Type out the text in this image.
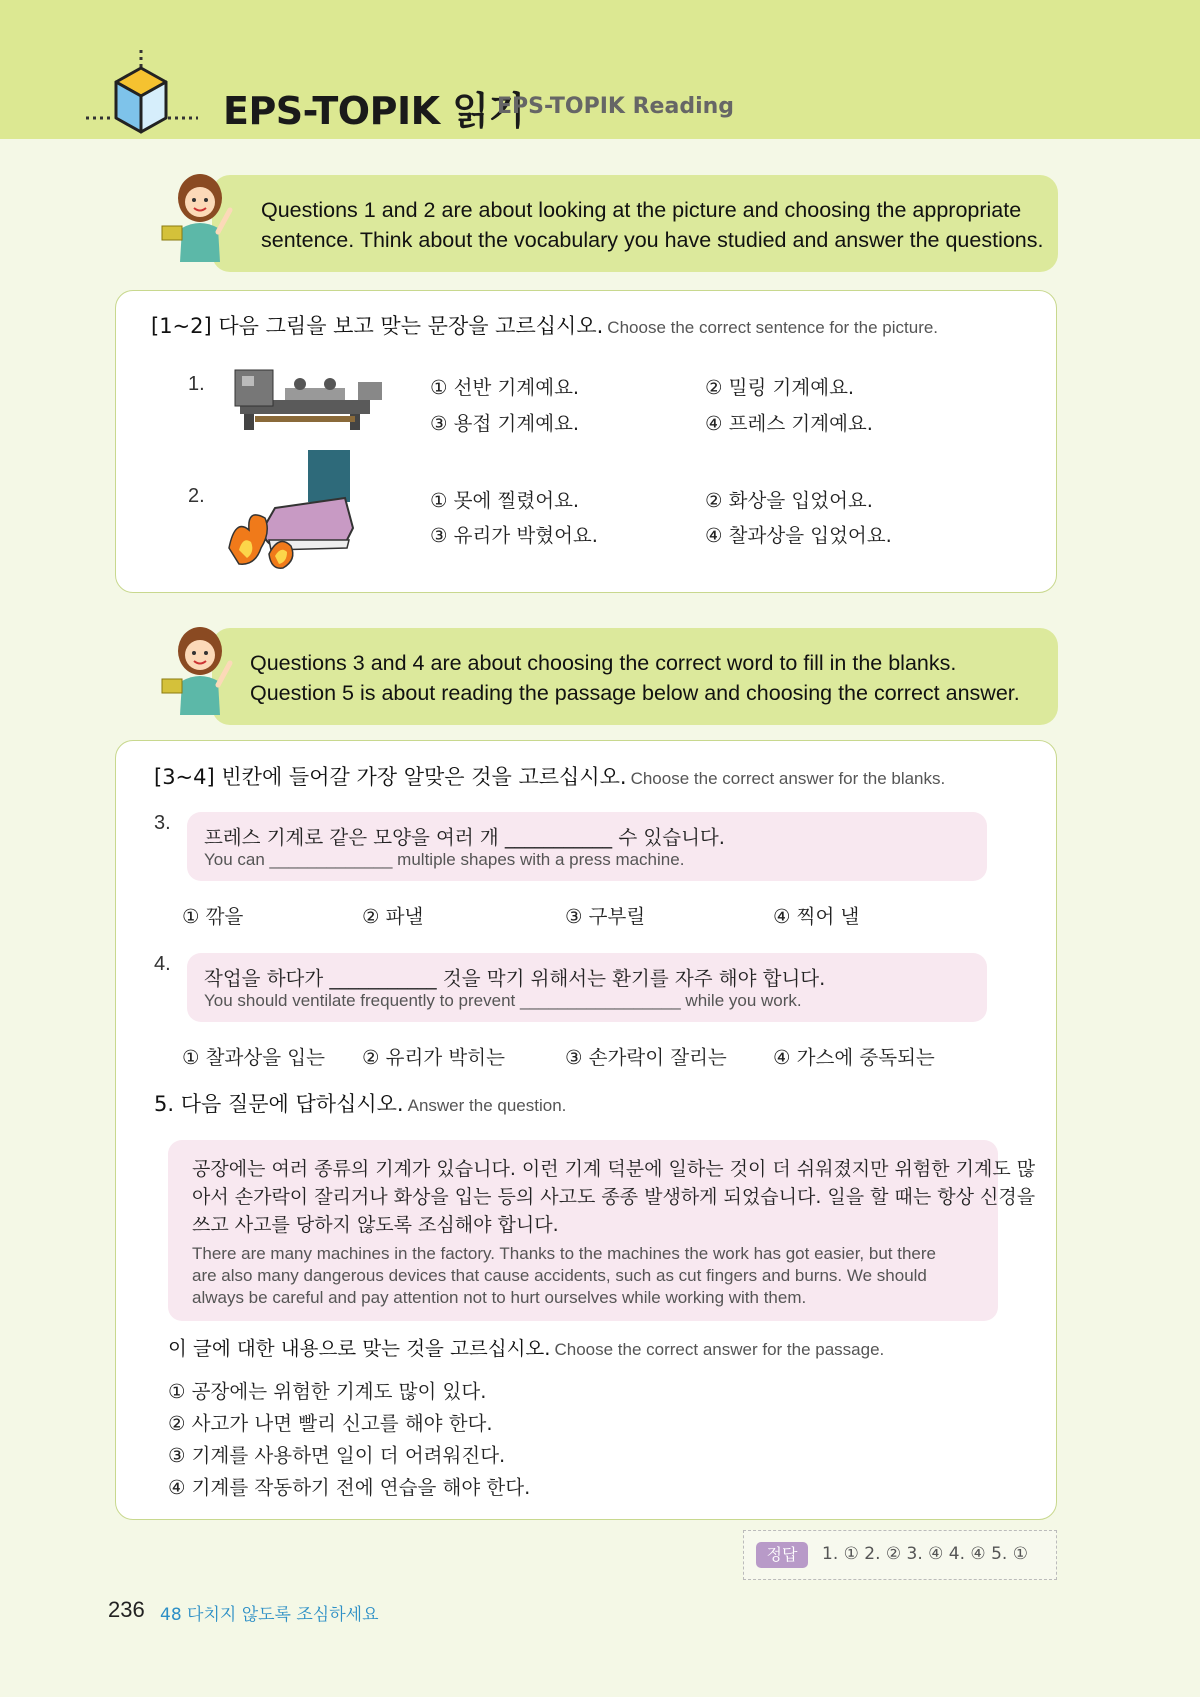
EPS-TOPIK 읽기
EPS-TOPIK Reading
Questions 1 and 2 are about looking at the picture and choosing the appropriate
sentence. Think about the vocabulary you have studied and answer the questions.
[1~2] 다음 그림을 보고 맞는 문장을 고르십시오. Choose the correct sentence for the picture.
1.	① 선반 기계예요.	② 밀링 기계예요.
③ 용접 기계예요.	④ 프레스 기계예요.
2.	① 못에 찔렸어요.	② 화상을 입었어요.
③ 유리가 박혔어요.	④ 찰과상을 입었어요.
Questions 3 and 4 are about choosing the correct word to fill in the blanks.
Question 5 is about reading the passage below and choosing the correct answer.
[3~4] 빈칸에 들어갈 가장 알맞은 것을 고르십시오. Choose the correct answer for the blanks.
3.
프레스 기계로 같은 모양을 여러 개 ___________ 수 있습니다.
You can _____________ multiple shapes with a press machine.
① 깎을	② 파낼	③ 구부릴	④ 찍어 낼
4.
작업을 하다가 ___________ 것을 막기 위해서는 환기를 자주 해야 합니다.
You should ventilate frequently to prevent _________________ while you work.
① 찰과상을 입는 ② 유리가 박히는	③ 손가락이 잘리는 ④ 가스에 중독되는
5. 다음 질문에 답하십시오. Answer the question.
공장에는 여러 종류의 기계가 있습니다. 이런 기계 덕분에 일하는 것이 더 쉬워졌지만 위험한 기계도 많
아서 손가락이 잘리거나 화상을 입는 등의 사고도 종종 발생하게 되었습니다. 일을 할 때는 항상 신경을
쓰고 사고를 당하지 않도록 조심해야 합니다.
There are many machines in the factory. Thanks to the machines the work has got easier, but there
are also many dangerous devices that cause accidents, such as cut fingers and burns. We should
always be careful and pay attention not to hurt ourselves while working with them.
이 글에 대한 내용으로 맞는 것을 고르십시오. Choose the correct answer for the passage.
① 공장에는 위험한 기계도 많이 있다.
② 사고가 나면 빨리 신고를 해야 한다.
③ 기계를 사용하면 일이 더 어려워진다.
④ 기계를 작동하기 전에 연습을 해야 한다.
정답	1. ① 2. ② 3. ④ 4. ④ 5. ①
236 48 다치지 않도록 조심하세요
